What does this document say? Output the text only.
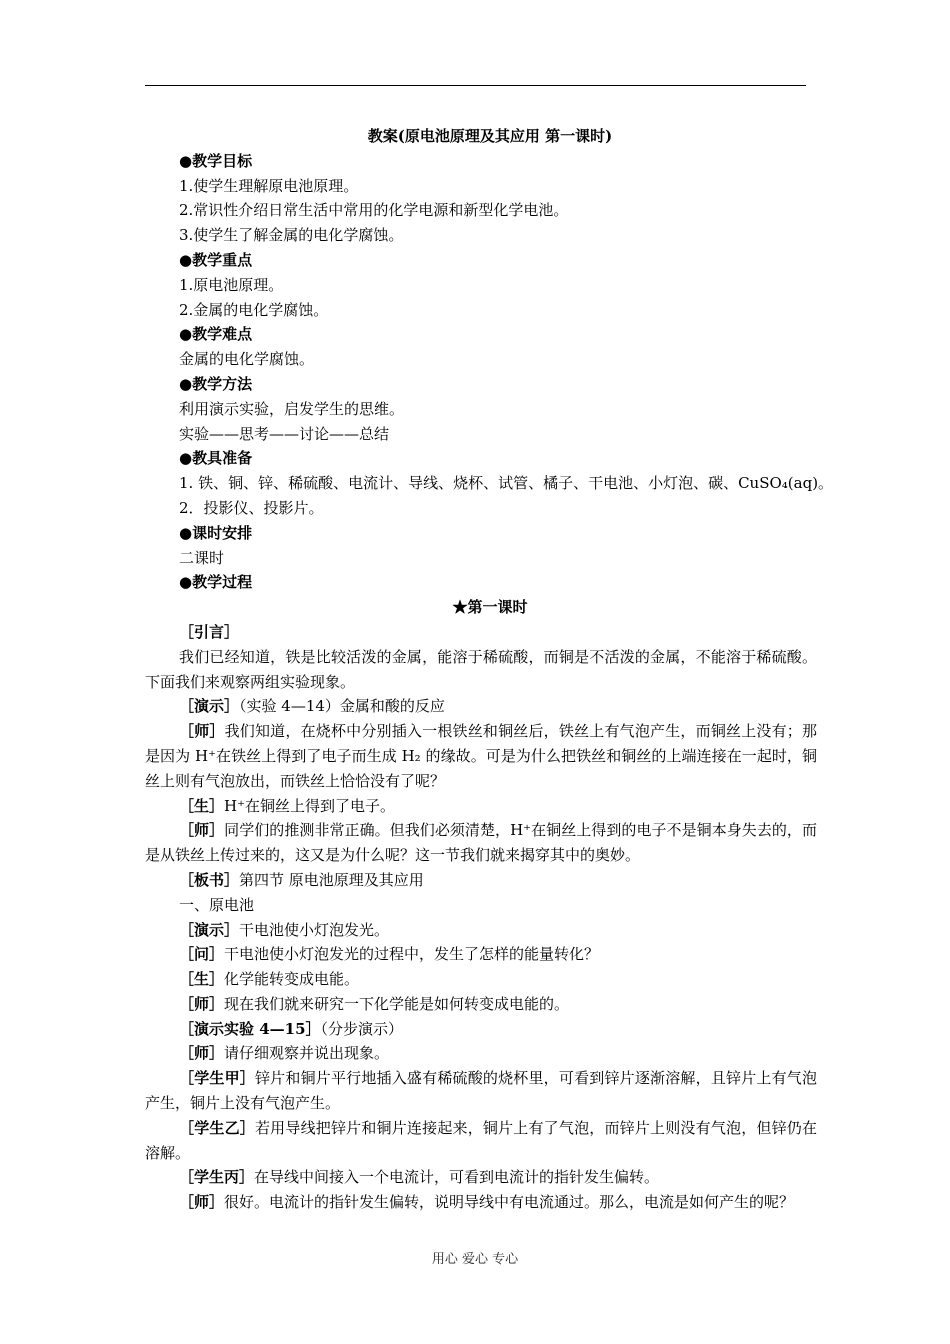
教案(原电池原理及其应用 第一课时)

●教学目标

1.使学生理解原电池原理。

2.常识性介绍日常生活中常用的化学电源和新型化学电池。

3.使学生了解金属的电化学腐蚀。

●教学重点

1.原电池原理。

2.金属的电化学腐蚀。

●教学难点

金属的电化学腐蚀。

●教学方法

利用演示实验，启发学生的思维。

实验——思考——讨论——总结

●教具准备

1. 铁、铜、锌、稀硫酸、电流计、导线、烧杯、试管、橘子、干电池、小灯泡、碳、CuSO₄(aq)。

2．投影仪、投影片。

●课时安排

二课时

●教学过程

★第一课时

［引言］

我们已经知道，铁是比较活泼的金属，能溶于稀硫酸，而铜是不活泼的金属，不能溶于稀硫酸。下面我们来观察两组实验现象。

［演示］（实验 4—14）金属和酸的反应

［师］我们知道，在烧杯中分别插入一根铁丝和铜丝后，铁丝上有气泡产生，而铜丝上没有；那是因为 H⁺在铁丝上得到了电子而生成 H₂ 的缘故。可是为什么把铁丝和铜丝的上端连接在一起时，铜丝上则有气泡放出，而铁丝上恰恰没有了呢？

［生］H⁺在铜丝上得到了电子。

［师］同学们的推测非常正确。但我们必须清楚，H⁺在铜丝上得到的电子不是铜本身失去的，而是从铁丝上传过来的，这又是为什么呢？这一节我们就来揭穿其中的奥妙。

［板书］第四节 原电池原理及其应用

一、原电池

［演示］干电池使小灯泡发光。

［问］干电池使小灯泡发光的过程中，发生了怎样的能量转化？

［生］化学能转变成电能。

［师］现在我们就来研究一下化学能是如何转变成电能的。

［演示实验 4—15］（分步演示）

［师］请仔细观察并说出现象。

［学生甲］锌片和铜片平行地插入盛有稀硫酸的烧杯里，可看到锌片逐渐溶解，且锌片上有气泡产生，铜片上没有气泡产生。

［学生乙］若用导线把锌片和铜片连接起来，铜片上有了气泡，而锌片上则没有气泡，但锌仍在溶解。

［学生丙］在导线中间接入一个电流计，可看到电流计的指针发生偏转。

［师］很好。电流计的指针发生偏转，说明导线中有电流通过。那么，电流是如何产生的呢？

用心 爱心 专心
